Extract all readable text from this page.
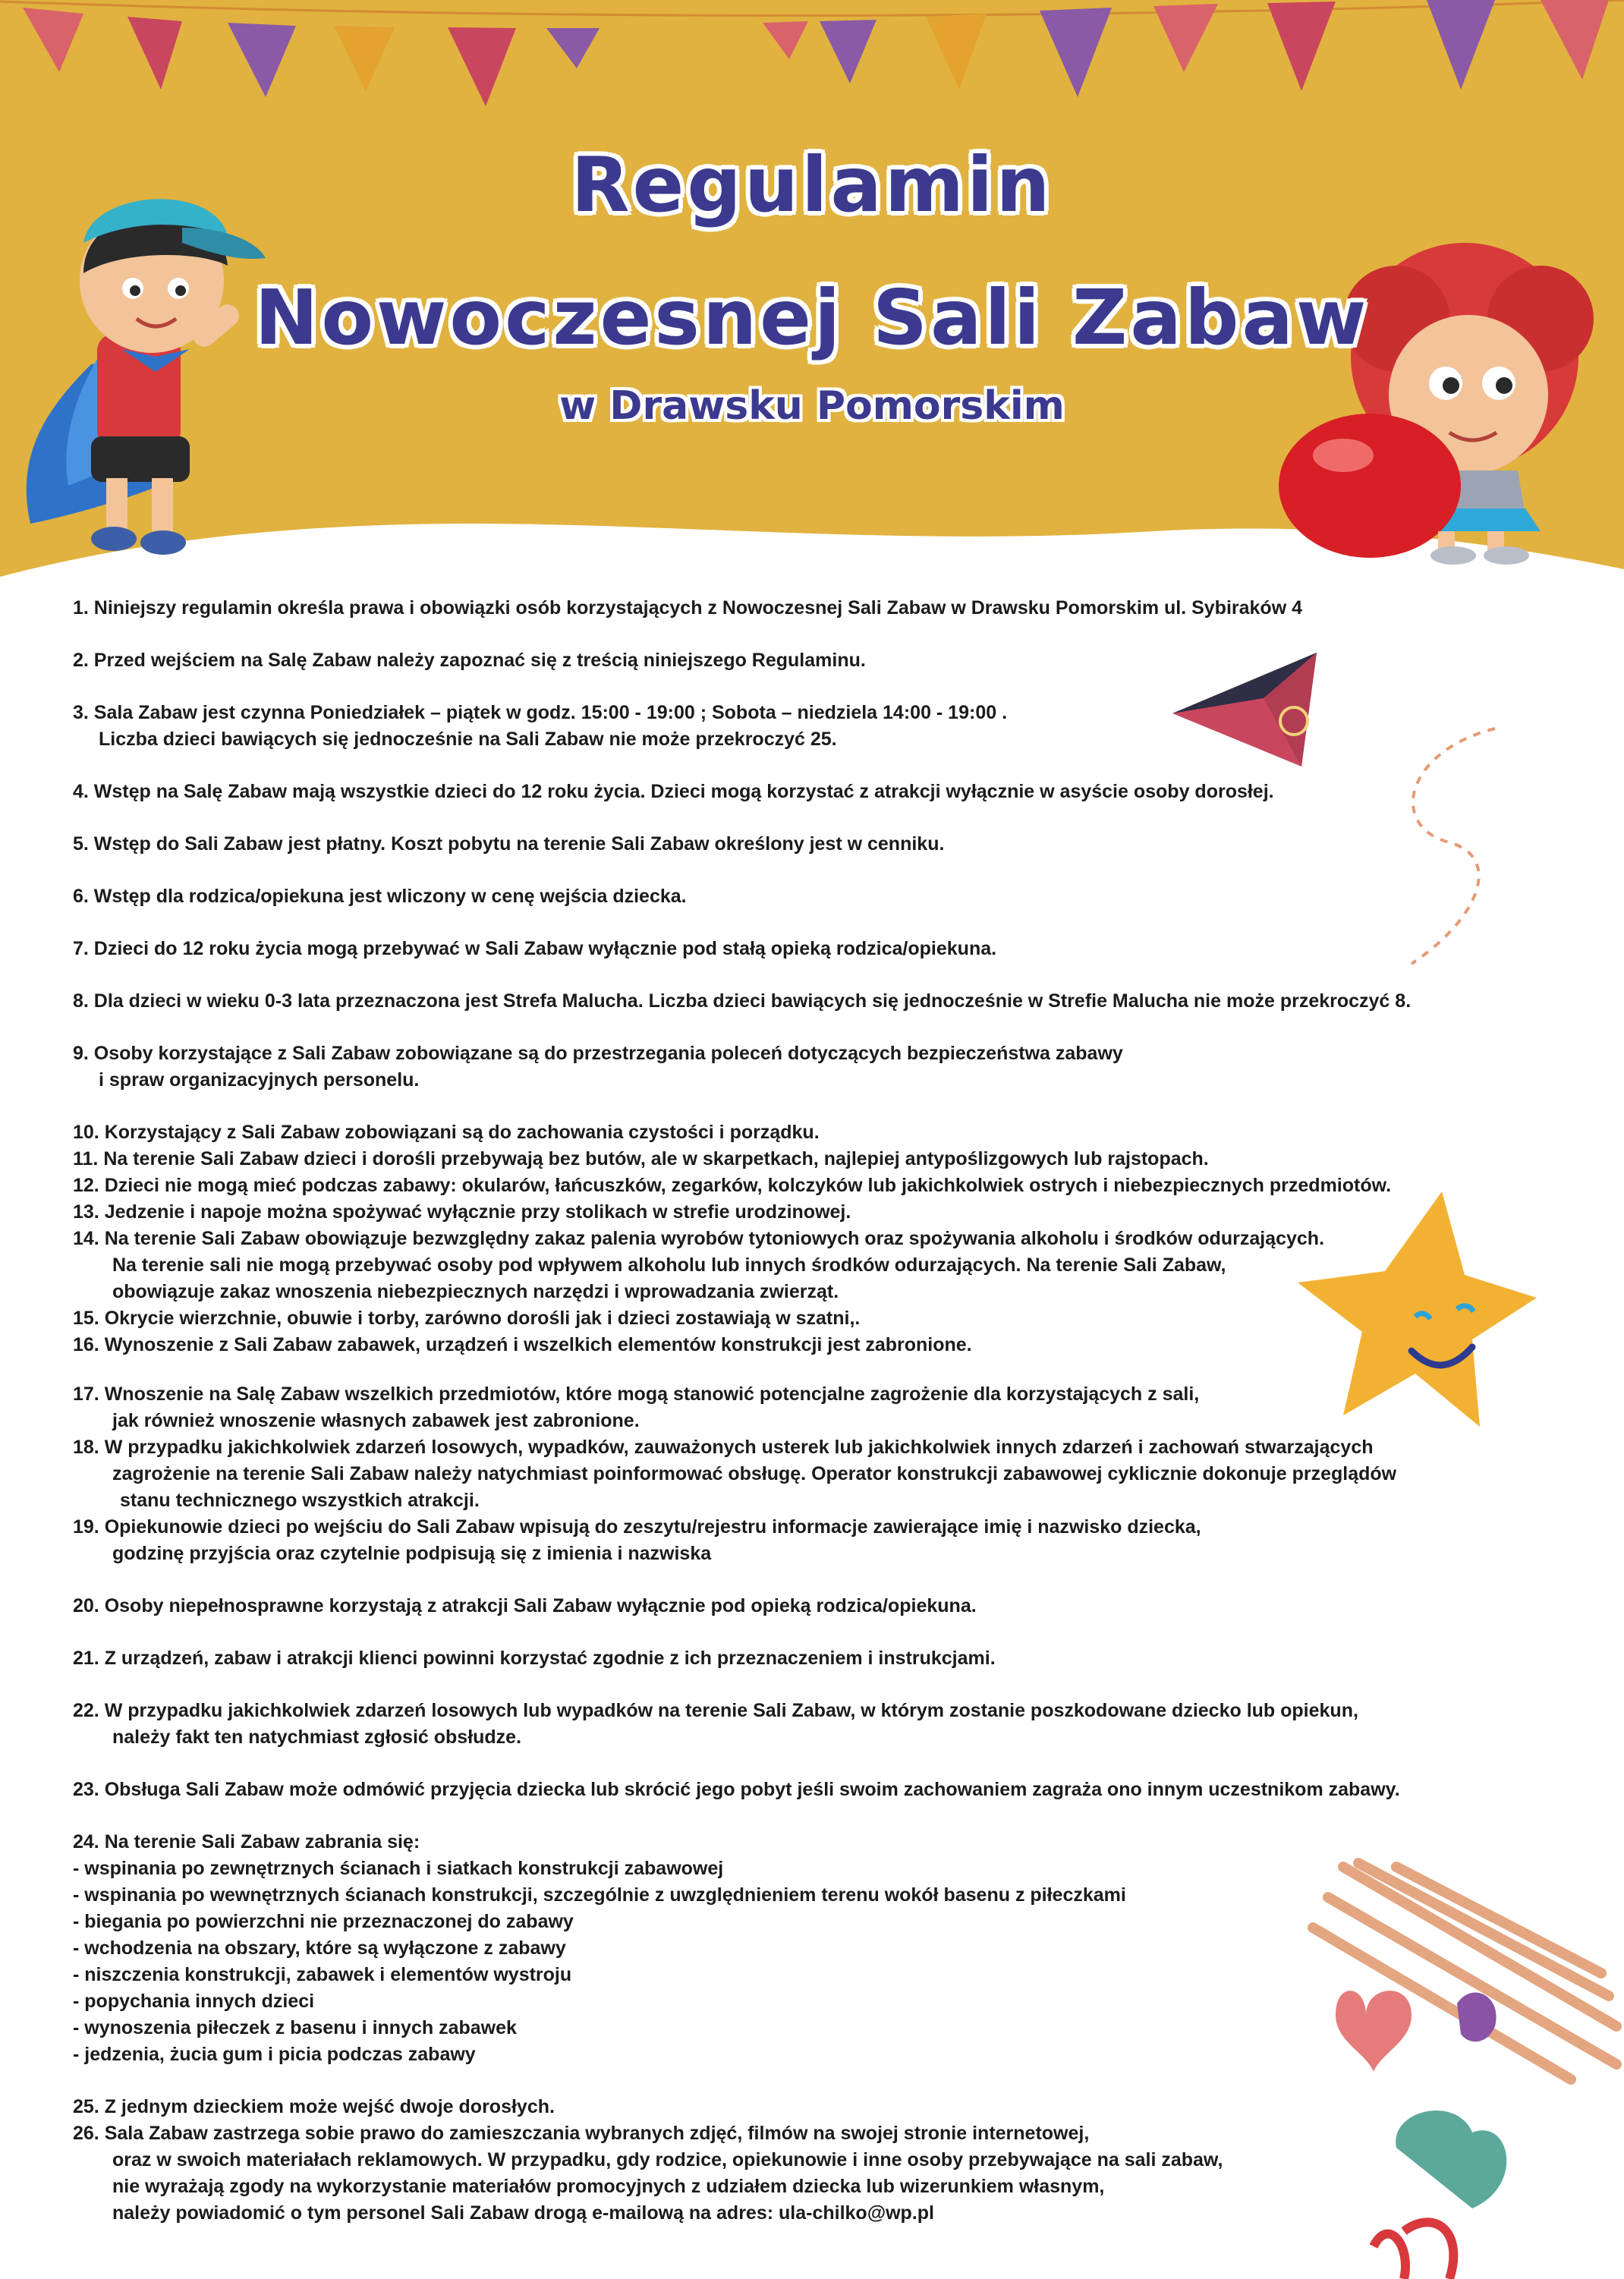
Regulamin
Nowoczesnej Sali Zabaw
w Drawsku Pomorskim
1. Niniejszy regulamin określa prawa i obowiązki osób korzystających z Nowoczesnej Sali Zabaw w Drawsku Pomorskim ul. Sybiraków 4
2. Przed wejściem na Salę Zabaw należy zapoznać się z treścią niniejszego Regulaminu.
3. Sala Zabaw jest czynna Poniedziałek – piątek w godz. 15:00 - 19:00 ; Sobota – niedziela 14:00 - 19:00 .
Liczba dzieci bawiących się jednocześnie na Sali Zabaw nie może przekroczyć 25.
4. Wstęp na Salę Zabaw mają wszystkie dzieci do 12 roku życia. Dzieci mogą korzystać z atrakcji wyłącznie w asyście osoby dorosłej.
5. Wstęp do Sali Zabaw jest płatny. Koszt pobytu na terenie Sali Zabaw określony jest w cenniku.
6. Wstęp dla rodzica/opiekuna jest wliczony w cenę wejścia dziecka.
7. Dzieci do 12 roku życia mogą przebywać w Sali Zabaw wyłącznie pod stałą opieką rodzica/opiekuna.
8. Dla dzieci w wieku 0-3 lata przeznaczona jest Strefa Malucha. Liczba dzieci bawiących się jednocześnie w Strefie Malucha nie może przekroczyć 8.
9. Osoby korzystające z Sali Zabaw zobowiązane są do przestrzegania poleceń dotyczących bezpieczeństwa zabawy
i spraw organizacyjnych personelu.
10. Korzystający z Sali Zabaw zobowiązani są do zachowania czystości i porządku.
11. Na terenie Sali Zabaw dzieci i dorośli przebywają bez butów, ale w skarpetkach, najlepiej antypoślizgowych lub rajstopach.
12. Dzieci nie mogą mieć podczas zabawy: okularów, łańcuszków, zegarków, kolczyków lub jakichkolwiek ostrych i niebezpiecznych przedmiotów.
13. Jedzenie i napoje można spożywać wyłącznie przy stolikach w strefie urodzinowej.
14. Na terenie Sali Zabaw obowiązuje bezwzględny zakaz palenia wyrobów tytoniowych oraz spożywania alkoholu i środków odurzających.
Na terenie sali nie mogą przebywać osoby pod wpływem alkoholu lub innych środków odurzających. Na terenie Sali Zabaw,
obowiązuje zakaz wnoszenia niebezpiecznych narzędzi i wprowadzania zwierząt.
15. Okrycie wierzchnie, obuwie i torby, zarówno dorośli jak i dzieci zostawiają w szatni,.
16. Wynoszenie z Sali Zabaw zabawek, urządzeń i wszelkich elementów konstrukcji jest zabronione.
17. Wnoszenie na Salę Zabaw wszelkich przedmiotów, które mogą stanowić potencjalne zagrożenie dla korzystających z sali,
jak również wnoszenie własnych zabawek jest zabronione.
18. W przypadku jakichkolwiek zdarzeń losowych, wypadków, zauważonych usterek lub jakichkolwiek innych zdarzeń i zachowań stwarzających
zagrożenie na terenie Sali Zabaw należy natychmiast poinformować obsługę. Operator konstrukcji zabawowej cyklicznie dokonuje przeglądów
stanu technicznego wszystkich atrakcji.
19. Opiekunowie dzieci po wejściu do Sali Zabaw wpisują do zeszytu/rejestru informacje zawierające imię i nazwisko dziecka,
godzinę przyjścia oraz czytelnie podpisują się z imienia i nazwiska
20. Osoby niepełnosprawne korzystają z atrakcji Sali Zabaw wyłącznie pod opieką rodzica/opiekuna.
21. Z urządzeń, zabaw i atrakcji klienci powinni korzystać zgodnie z ich przeznaczeniem i instrukcjami.
22. W przypadku jakichkolwiek zdarzeń losowych lub wypadków na terenie Sali Zabaw, w którym zostanie poszkodowane dziecko lub opiekun,
należy fakt ten natychmiast zgłosić obsłudze.
23. Obsługa Sali Zabaw może odmówić przyjęcia dziecka lub skrócić jego pobyt jeśli swoim zachowaniem zagraża ono innym uczestnikom zabawy.
24. Na terenie Sali Zabaw zabrania się:
- wspinania po zewnętrznych ścianach i siatkach konstrukcji zabawowej
- wspinania po wewnętrznych ścianach konstrukcji, szczególnie z uwzględnieniem terenu wokół basenu z piłeczkami
- biegania po powierzchni nie przeznaczonej do zabawy
- wchodzenia na obszary, które są wyłączone z zabawy
- niszczenia konstrukcji, zabawek i elementów wystroju
- popychania innych dzieci
- wynoszenia piłeczek z basenu i innych zabawek
- jedzenia, żucia gum i picia podczas zabawy
25. Z jednym dzieckiem może wejść dwoje dorosłych.
26. Sala Zabaw zastrzega sobie prawo do zamieszczania wybranych zdjęć, filmów na swojej stronie internetowej,
oraz w swoich materiałach reklamowych. W przypadku, gdy rodzice, opiekunowie i inne osoby przebywające na sali zabaw,
nie wyrażają zgody na wykorzystanie materiałów promocyjnych z udziałem dziecka lub wizerunkiem własnym,
należy powiadomić o tym personel Sali Zabaw drogą e-mailową na adres: ula-chilko@wp.pl
